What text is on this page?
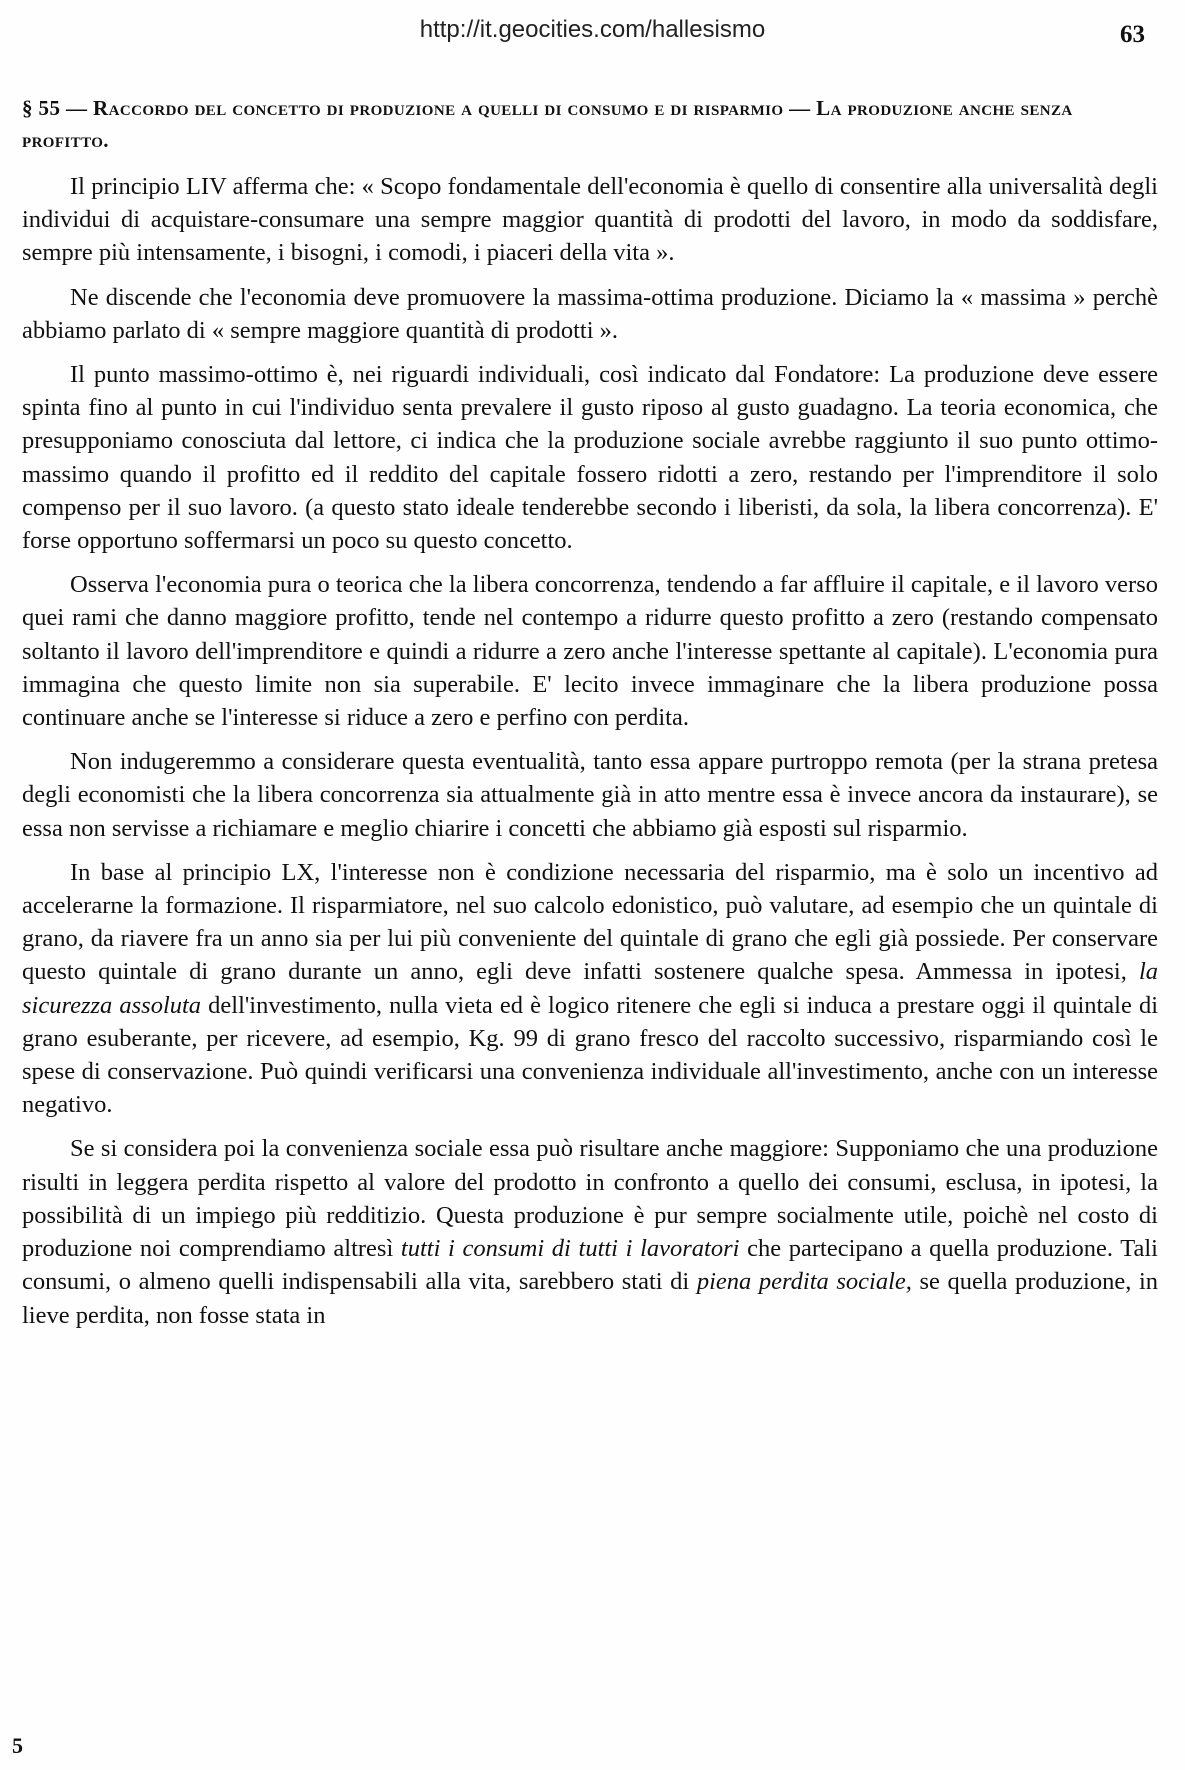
http://it.geocities.com/hallesismo	63
§ 55 — Raccordo del concetto di produzione a quelli di consumo e di risparmio — La produzione anche senza profitto.

Il principio LIV afferma che: « Scopo fondamentale dell'economia è quello di consentire alla universalità degli individui di acquistare-consumare una sempre maggior quantità di prodotti del lavoro, in modo da soddisfare, sempre più intensamente, i bisogni, i comodi, i piaceri della vita ».

Ne discende che l'economia deve promuovere la massima-ottima produzione. Diciamo la « massima » perchè abbiamo parlato di « sempre maggiore quantità di prodotti ».

Il punto massimo-ottimo è, nei riguardi individuali, così indicato dal Fondatore: La produzione deve essere spinta fino al punto in cui l'individuo senta prevalere il gusto riposo al gusto guadagno. La teoria economica, che presupponiamo conosciuta dal lettore, ci indica che la produzione sociale avrebbe raggiunto il suo punto ottimo-massimo quando il profitto ed il reddito del capitale fossero ridotti a zero, restando per l'imprenditore il solo compenso per il suo lavoro. (a questo stato ideale tenderebbe secondo i liberisti, da sola, la libera concorrenza). E' forse opportuno soffermarsi un poco su questo concetto.

Osserva l'economia pura o teorica che la libera concorrenza, tendendo a far affluire il capitale, e il lavoro verso quei rami che danno maggiore profitto, tende nel contempo a ridurre questo profitto a zero (restando compensato soltanto il lavoro dell'imprenditore e quindi a ridurre a zero anche l'interesse spettante al capitale). L'economia pura immagina che questo limite non sia superabile. E' lecito invece immaginare che la libera produzione possa continuare anche se l'interesse si riduce a zero e perfino con perdita.

Non indugeremmo a considerare questa eventualità, tanto essa appare purtroppo remota (per la strana pretesa degli economisti che la libera concorrenza sia attualmente già in atto mentre essa è invece ancora da instaurare), se essa non servisse a richiamare e meglio chiarire i concetti che abbiamo già esposti sul risparmio.

In base al principio LX, l'interesse non è condizione necessaria del risparmio, ma è solo un incentivo ad accelerarne la formazione. Il risparmiatore, nel suo calcolo edonistico, può valutare, ad esempio che un quintale di grano, da riavere fra un anno sia per lui più conveniente del quintale di grano che egli già possiede. Per conservare questo quintale di grano durante un anno, egli deve infatti sostenere qualche spesa. Ammessa in ipotesi, la sicurezza assoluta dell'investimento, nulla vieta ed è logico ritenere che egli si induca a prestare oggi il quintale di grano esuberante, per ricevere, ad esempio, Kg. 99 di grano fresco del raccolto successivo, risparmiando così le spese di conservazione. Può quindi verificarsi una convenienza individuale all'investimento, anche con un interesse negativo.

Se si considera poi la convenienza sociale essa può risultare anche maggiore: Supponiamo che una produzione risulti in leggera perdita rispetto al valore del prodotto in confronto a quello dei consumi, esclusa, in ipotesi, la possibilità di un impiego più redditizio. Questa produzione è pur sempre socialmente utile, poichè nel costo di produzione noi comprendiamo altresì tutti i consumi di tutti i lavoratori che partecipano a quella produzione. Tali consumi, o almeno quelli indispensabili alla vita, sarebbero stati di piena perdita sociale, se quella produzione, in lieve perdita, non fosse stata in

5
